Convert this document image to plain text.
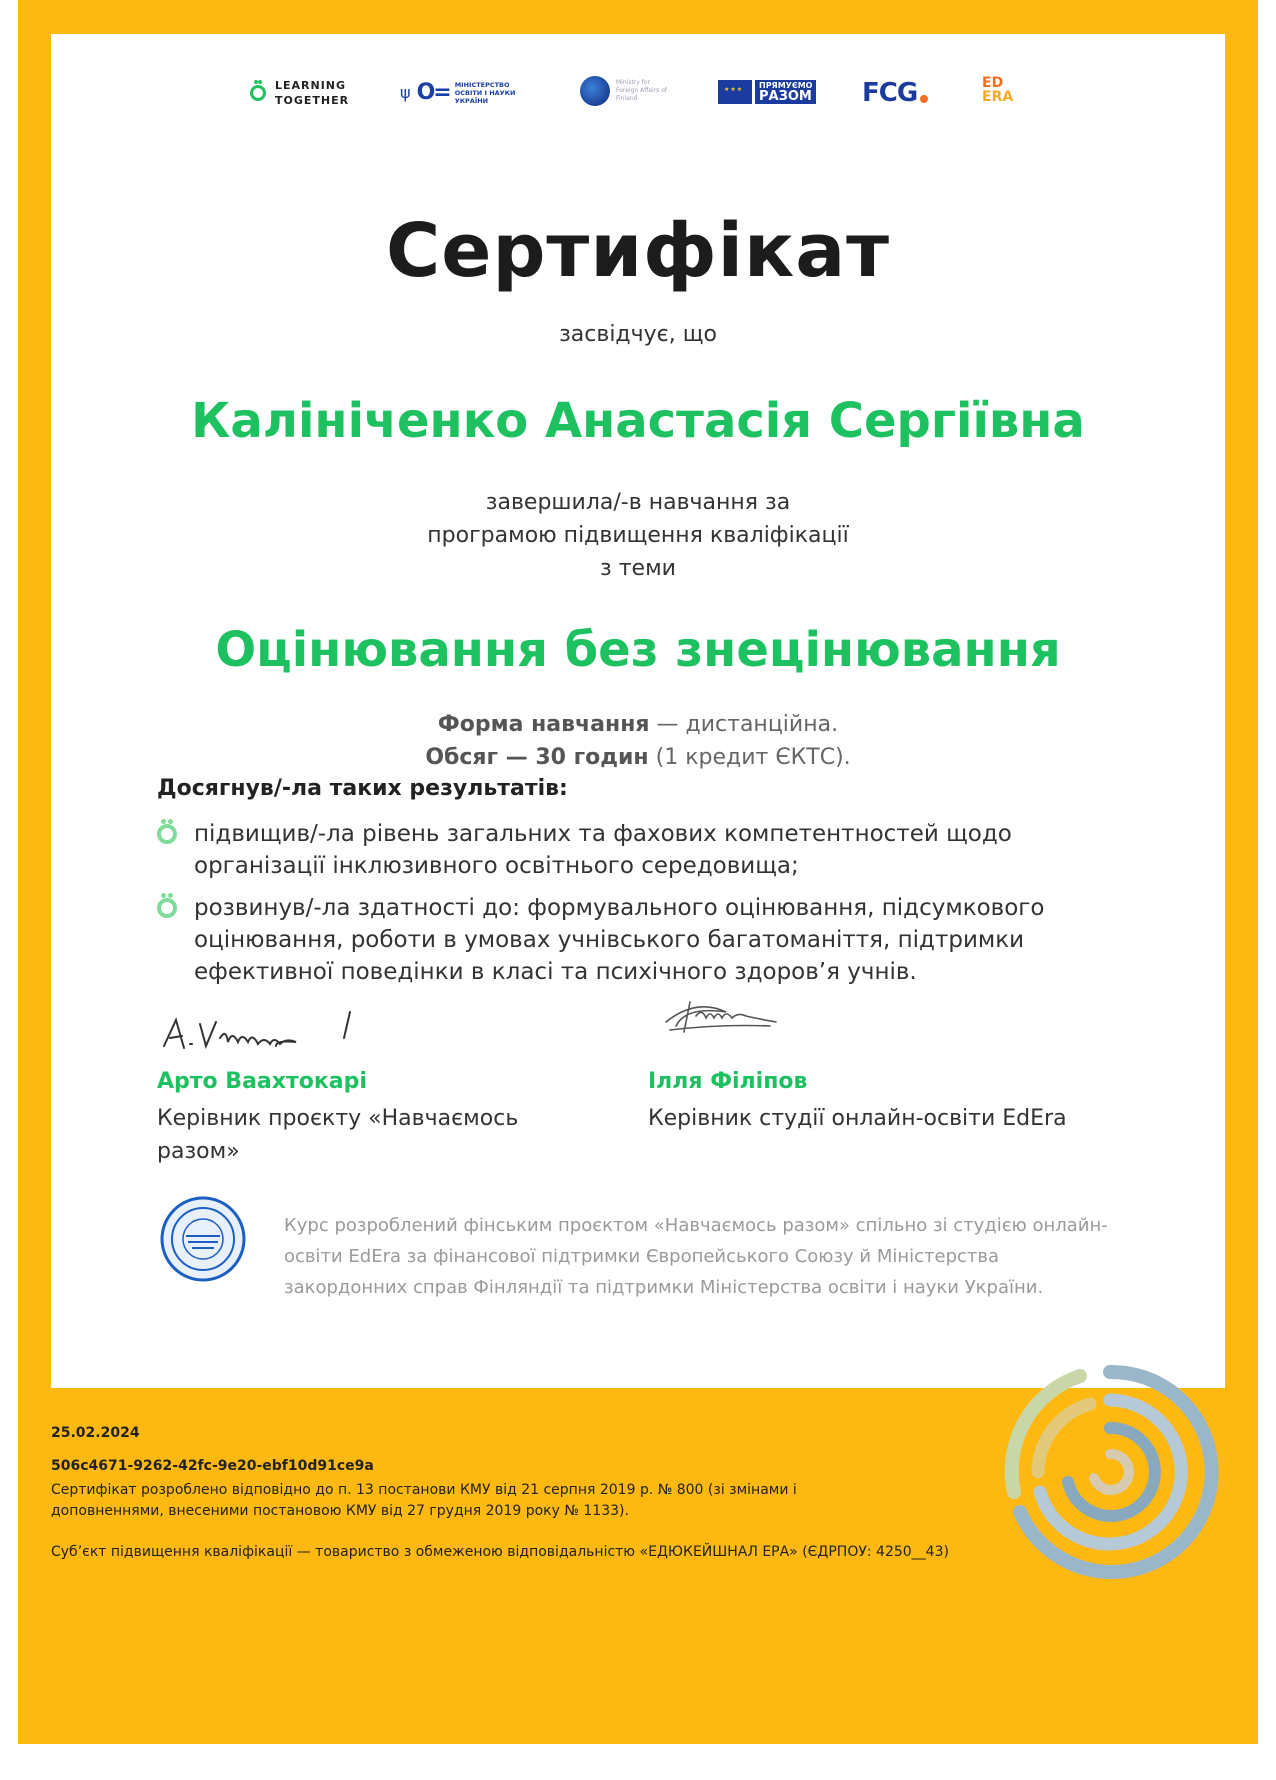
LEARNING
TOGETHER	ψ O= МІНІСТЕРСТВО ОСВІТИ І НАУКИ УКРАЇНИ
Ministry for Foreign Affairs of Finland
★★★
ПРЯМУЄМО
РАЗОМ FCG	ED
ERA
Сертифікат
засвідчує, що
Калініченко Анастасія Сергіївна
завершила/-в навчання за
програмою підвищення кваліфікації
з теми
Оцінювання без знецінювання
Форма навчання — дистанційна.
Обсяг — 30 годин (1 кредит ЄКТС).
Досягнув/-ла таких результатів:
підвищив/-ла рівень загальних та фахових компетентностей щодо організації інклюзивного освітнього середовища;
розвинув/-ла здатності до: формувального оцінювання, підсумкового оцінювання, роботи в умовах учнівського багатоманіття, підтримки ефективної поведінки в класі та психічного здоров’я учнів.
Арто Ваахтокарі
Керівник проєкту «Навчаємось разом»
Ілля Філіпов
Керівник студії онлайн-освіти EdEra
Курс розроблений фінським проєктом «Навчаємось разом» спільно зі студією онлайн-освіти EdEra за фінансової підтримки Європейського Союзу й Міністерства закордонних справ Фінляндії та підтримки Міністерства освіти і науки України.
25.02.2024
506c4671-9262-42fc-9e20-ebf10d91ce9a
Сертифікат розроблено відповідно до п. 13 постанови КМУ від 21 серпня 2019 р. № 800 (зі змінами і доповненнями, внесеними постановою КМУ від 27 грудня 2019 року № 1133).
Суб’єкт підвищення кваліфікації — товариство з обмеженою відповідальністю «ЕДЮКЕЙШНАЛ ЕРА» (ЄДРПОУ: 4250__43)
